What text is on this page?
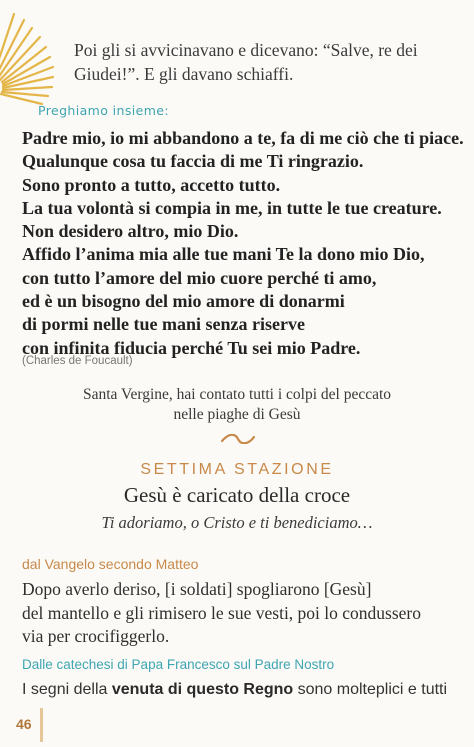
Poi gli si avvicinavano e dicevano: “Salve, re dei
Giudei!”. E gli davano schiaffi.
Preghiamo insieme:
Padre mio, io mi abbandono a te, fa di me ciò che ti piace.
Qualunque cosa tu faccia di me Ti ringrazio.
Sono pronto a tutto, accetto tutto.
La tua volontà si compia in me, in tutte le tue creature.
Non desidero altro, mio Dio.
Affido l’anima mia alle tue mani Te la dono mio Dio,
con tutto l’amore del mio cuore perché ti amo,
ed è un bisogno del mio amore di donarmi
di pormi nelle tue mani senza riserve
con infinita fiducia perché Tu sei mio Padre.
(Charles de Foucault)
Santa Vergine, hai contato tutti i colpi del peccato
nelle piaghe di Gesù
SETTIMA STAZIONE
Gesù è caricato della croce
Ti adoriamo, o Cristo e ti benediciamo…
dal Vangelo secondo Matteo
Dopo averlo deriso, [i soldati] spogliarono [Gesù]
del mantello e gli rimisero le sue vesti, poi lo condussero
via per crocifiggerlo.
Dalle catechesi di Papa Francesco sul Padre Nostro
I segni della venuta di questo Regno sono molteplici e tutti
46
